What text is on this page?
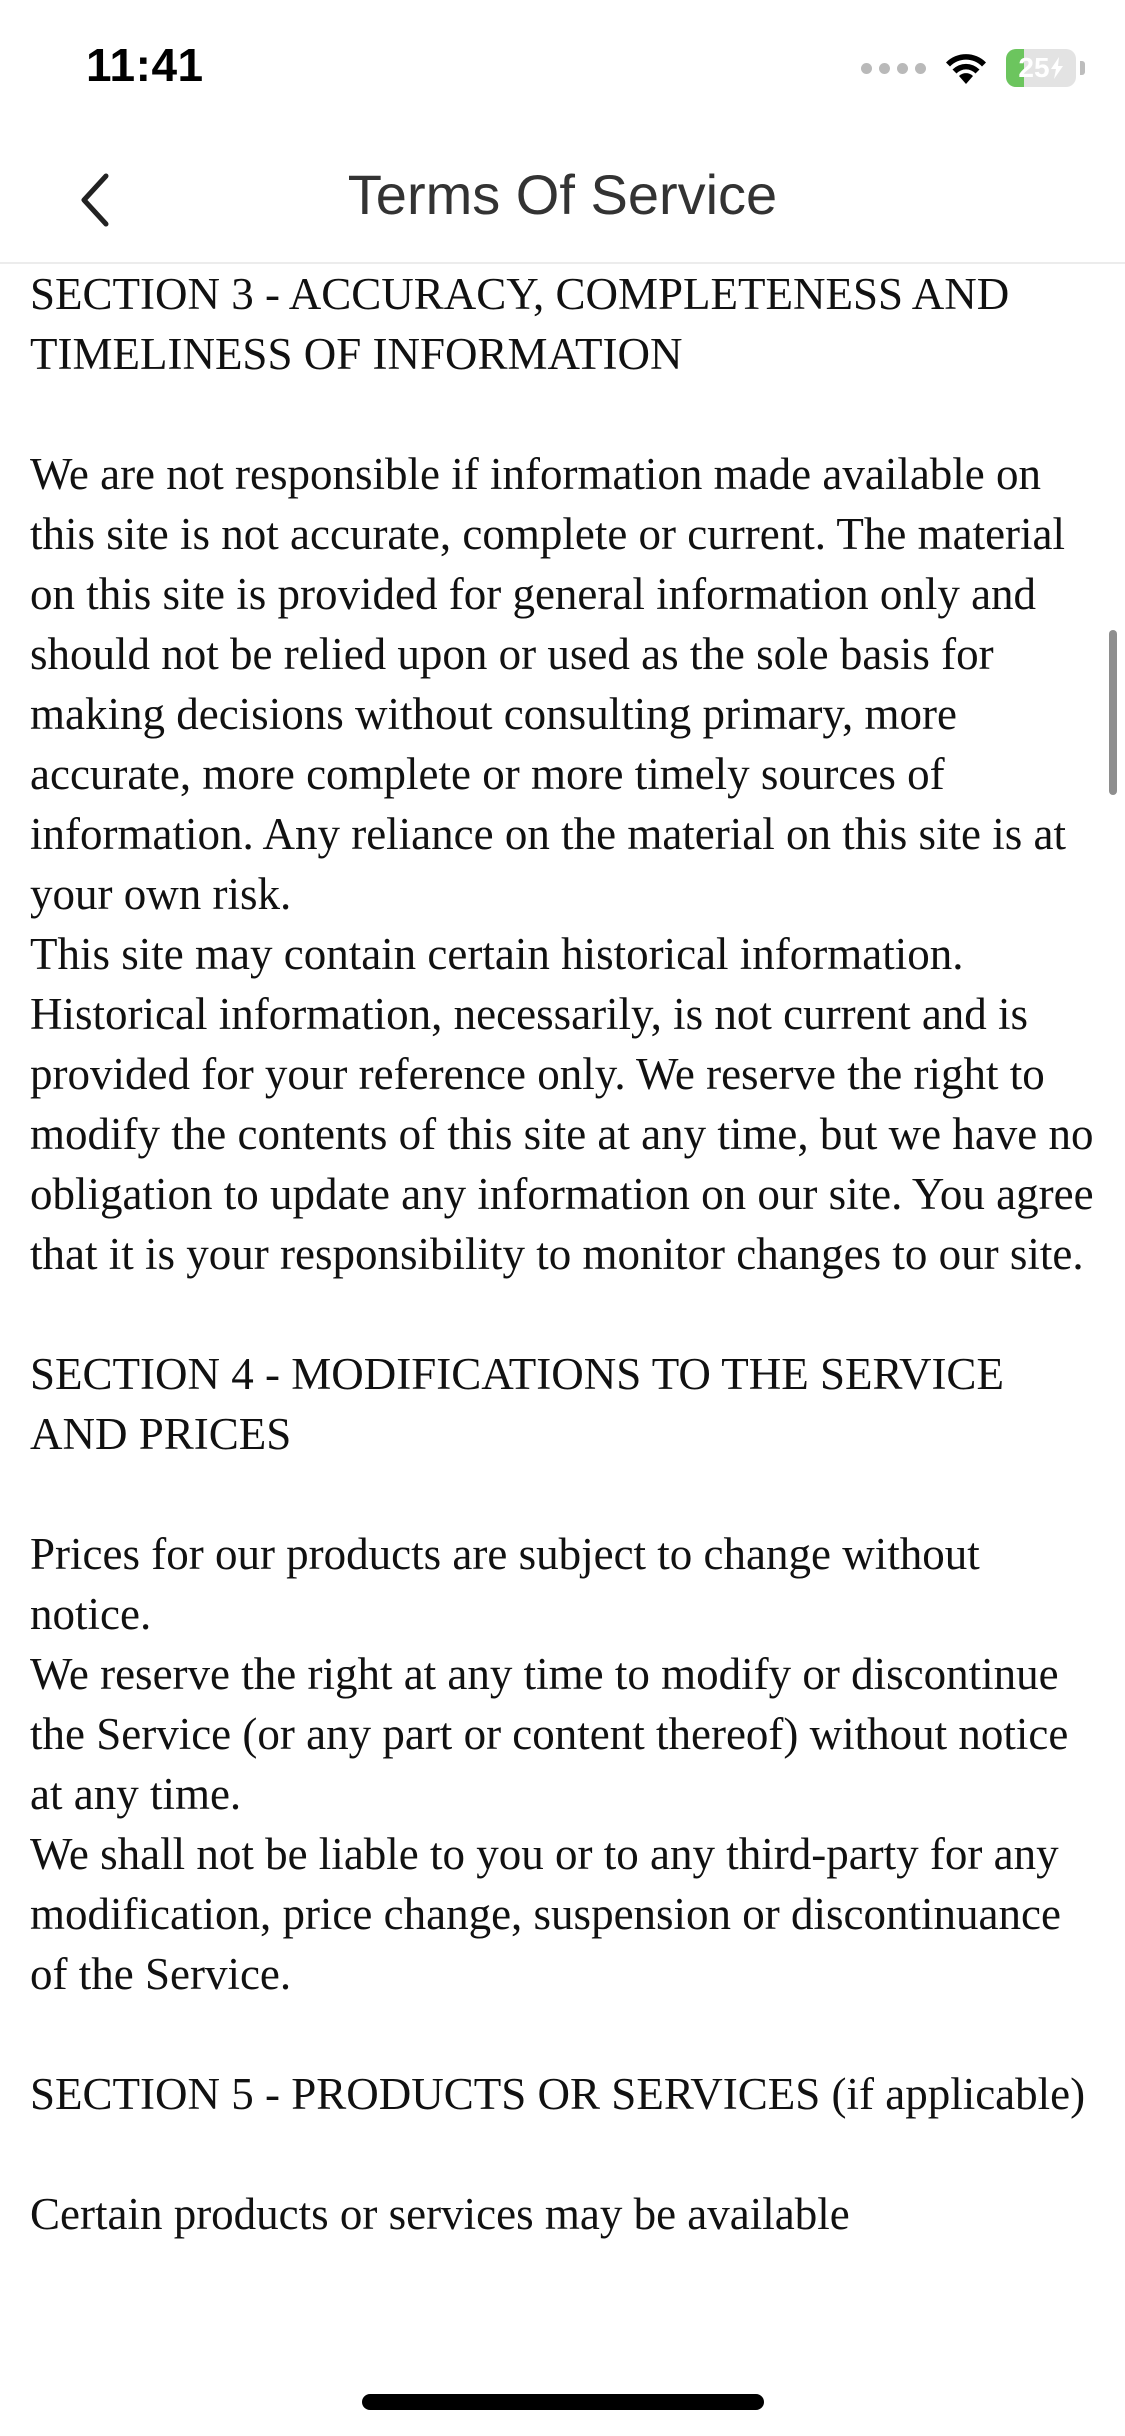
11:41	25
Terms Of Service

SECTION 3 - ACCURACY, COMPLETENESS AND TIMELINESS OF INFORMATION

We are not responsible if information made available on this site is not accurate, complete or current. The material on this site is provided for general information only and should not be relied upon or used as the sole basis for making decisions without consulting primary, more accurate, more complete or more timely sources of information. Any reliance on the material on this site is at your own risk.

This site may contain certain historical information. Historical information, necessarily, is not current and is provided for your reference only. We reserve the right to modify the contents of this site at any time, but we have no obligation to update any information on our site. You agree that it is your responsibility to monitor changes to our site.

SECTION 4 - MODIFICATIONS TO THE SERVICE AND PRICES

Prices for our products are subject to change without notice.

We reserve the right at any time to modify or discontinue the Service (or any part or content thereof) without notice at any time.

We shall not be liable to you or to any third-party for any modification, price change, suspension or discontinuance of the Service.

SECTION 5 - PRODUCTS OR SERVICES (if applicable)

Certain products or services may be available
